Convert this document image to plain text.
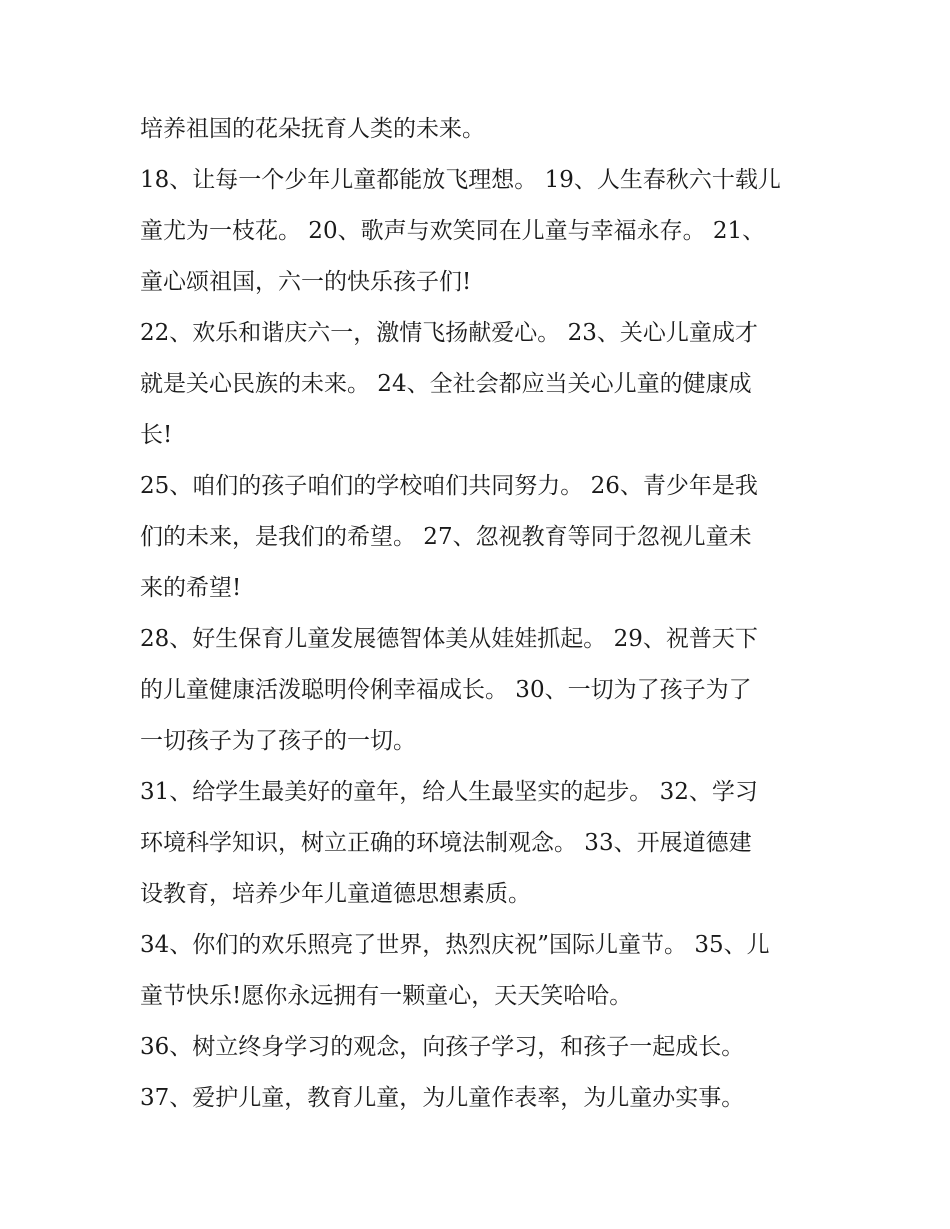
培养祖国的花朵抚育人类的未来。
18、让每一个少年儿童都能放飞理想。 19、人生春秋六十载儿
童尤为一枝花。 20、歌声与欢笑同在儿童与幸福永存。 21、
童心颂祖国，六一的快乐孩子们!
22、欢乐和谐庆六一，激情飞扬献爱心。 23、关心儿童成才
就是关心民族的未来。 24、全社会都应当关心儿童的健康成
长!
25、咱们的孩子咱们的学校咱们共同努力。 26、青少年是我
们的未来，是我们的希望。 27、忽视教育等同于忽视儿童未
来的希望!
28、好生保育儿童发展德智体美从娃娃抓起。 29、祝普天下
的儿童健康活泼聪明伶俐幸福成长。 30、一切为了孩子为了
一切孩子为了孩子的一切。
31、给学生最美好的童年，给人生最坚实的起步。 32、学习
环境科学知识，树立正确的环境法制观念。 33、开展道德建
设教育，培养少年儿童道德思想素质。
34、你们的欢乐照亮了世界，热烈庆祝”国际儿童节。 35、儿
童节快乐!愿你永远拥有一颗童心，天天笑哈哈。
36、树立终身学习的观念，向孩子学习，和孩子一起成长。
37、爱护儿童，教育儿童，为儿童作表率，为儿童办实事。
